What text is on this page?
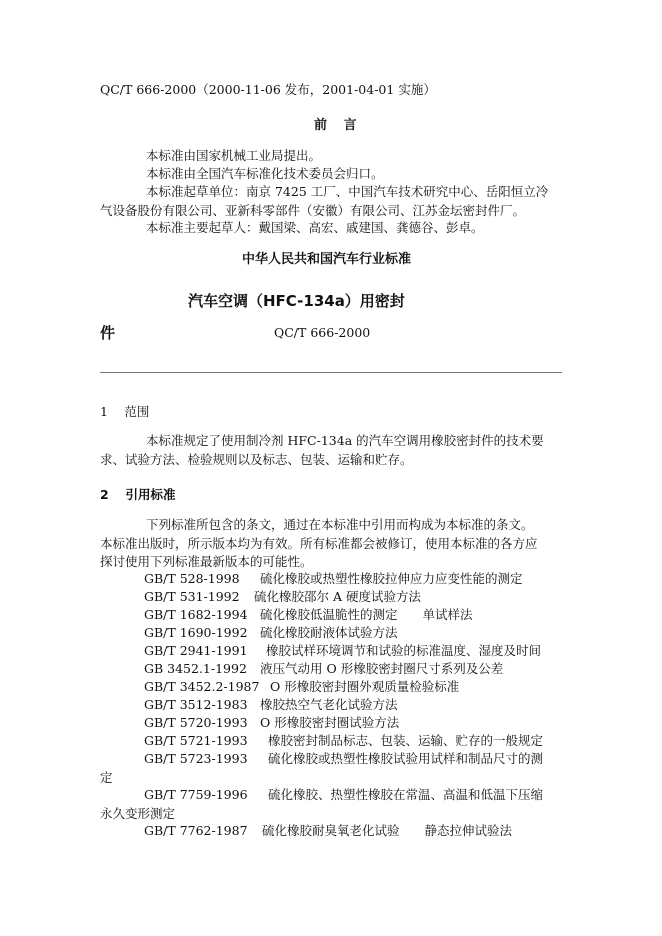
QC/T 666-2000（2000-11-06 发布，2001-04-01 实施）
前 言
本标准由国家机械工业局提出。
本标准由全国汽车标准化技术委员会归口。
本标准起草单位：南京 7425 工厂、中国汽车技术研究中心、岳阳恒立冷
气设备股份有限公司、亚新科零部件（安徽）有限公司、江苏金坛密封件厂。
本标准主要起草人：戴国梁、高宏、戚建国、龚德谷、彭卓。
中华人民共和国汽车行业标准
汽车空调（HFC-134a）用密封
件	QC/T 666-2000
1　 范围
本标准规定了使用制冷剂 HFC-134a 的汽车空调用橡胶密封件的技术要
求、试验方法、检验规则以及标志、包装、运输和贮存。
2　 引用标准
下列标准所包含的条文，通过在本标准中引用而构成为本标准的条文。
本标准出版时，所示版本均为有效。所有标准都会被修订，使用本标准的各方应
探讨使用下列标准最新版本的可能性。
GB/T 528-1998 硫化橡胶或热塑性橡胶拉伸应力应变性能的测定
GB/T 531-1992 硫化橡胶邵尔 A 硬度试验方法
GB/T 1682-1994 硫化橡胶低温脆性的测定　　单试样法
GB/T 1690-1992 硫化橡胶耐液体试验方法
GB/T 2941-1991 橡胶试样环境调节和试验的标准温度、湿度及时间
GB 3452.1-1992 液压气动用 O 形橡胶密封圈尺寸系列及公差
GB/T 3452.2-1987 O 形橡胶密封圈外观质量检验标准
GB/T 3512-1983 橡胶热空气老化试验方法
GB/T 5720-1993 O 形橡胶密封圈试验方法
GB/T 5721-1993 橡胶密封制品标志、包装、运输、贮存的一般规定
GB/T 5723-1993 硫化橡胶或热塑性橡胶试验用试样和制品尺寸的测
定
GB/T 7759-1996 硫化橡胶、热塑性橡胶在常温、高温和低温下压缩
永久变形测定
GB/T 7762-1987 硫化橡胶耐臭氧老化试验　　静态拉伸试验法
